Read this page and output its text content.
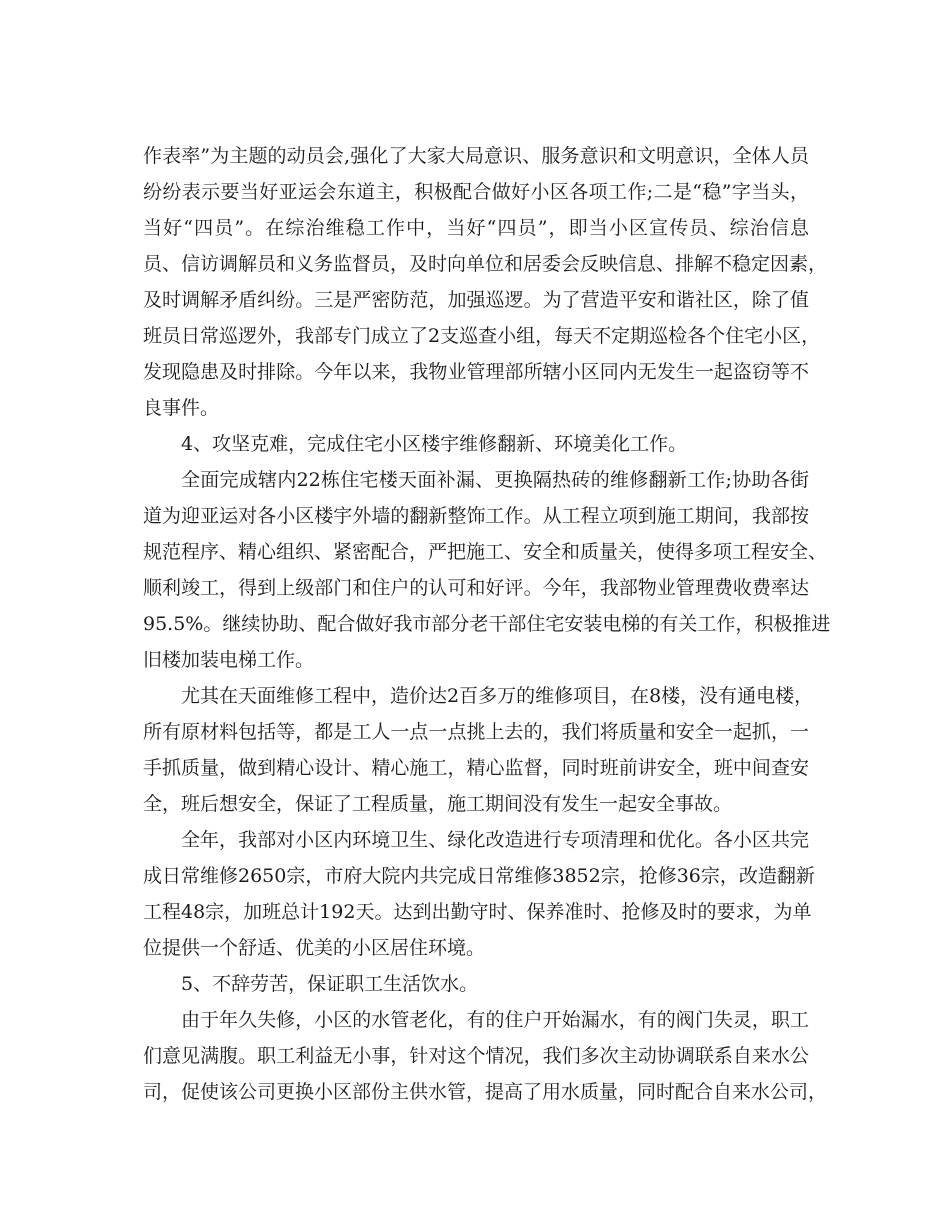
作表率”为主题的动员会,强化了大家大局意识、服务意识和文明意识，全体人员
纷纷表示要当好亚运会东道主，积极配合做好小区各项工作;二是“稳”字当头，
当好“四员”。在综治维稳工作中，当好“四员”，即当小区宣传员、综治信息
员、信访调解员和义务监督员，及时向单位和居委会反映信息、排解不稳定因素，
及时调解矛盾纠纷。三是严密防范，加强巡逻。为了营造平安和谐社区，除了值
班员日常巡逻外，我部专门成立了2支巡查小组，每天不定期巡检各个住宅小区，
发现隐患及时排除。今年以来，我物业管理部所辖小区同内无发生一起盗窃等不
良事件。
4、攻坚克难，完成住宅小区楼宇维修翻新、环境美化工作。
全面完成辖内22栋住宅楼天面补漏、更换隔热砖的维修翻新工作;协助各街
道为迎亚运对各小区楼宇外墙的翻新整饰工作。从工程立项到施工期间，我部按
规范程序、精心组织、紧密配合，严把施工、安全和质量关，使得多项工程安全、
顺利竣工，得到上级部门和住户的认可和好评。今年，我部物业管理费收费率达
95.5%。继续协助、配合做好我市部分老干部住宅安装电梯的有关工作，积极推进
旧楼加装电梯工作。
尤其在天面维修工程中，造价达2百多万的维修项目，在8楼，没有通电楼，
所有原材料包括等，都是工人一点一点挑上去的，我们将质量和安全一起抓，一
手抓质量，做到精心设计、精心施工，精心监督，同时班前讲安全，班中间查安
全，班后想安全，保证了工程质量，施工期间没有发生一起安全事故。
全年，我部对小区内环境卫生、绿化改造进行专项清理和优化。各小区共完
成日常维修2650宗，市府大院内共完成日常维修3852宗，抢修36宗，改造翻新
工程48宗，加班总计192天。达到出勤守时、保养准时、抢修及时的要求，为单
位提供一个舒适、优美的小区居住环境。
5、不辞劳苦，保证职工生活饮水。
由于年久失修，小区的水管老化，有的住户开始漏水，有的阀门失灵，职工
们意见满腹。职工利益无小事，针对这个情况，我们多次主动协调联系自来水公
司，促使该公司更换小区部份主供水管，提高了用水质量，同时配合自来水公司，
